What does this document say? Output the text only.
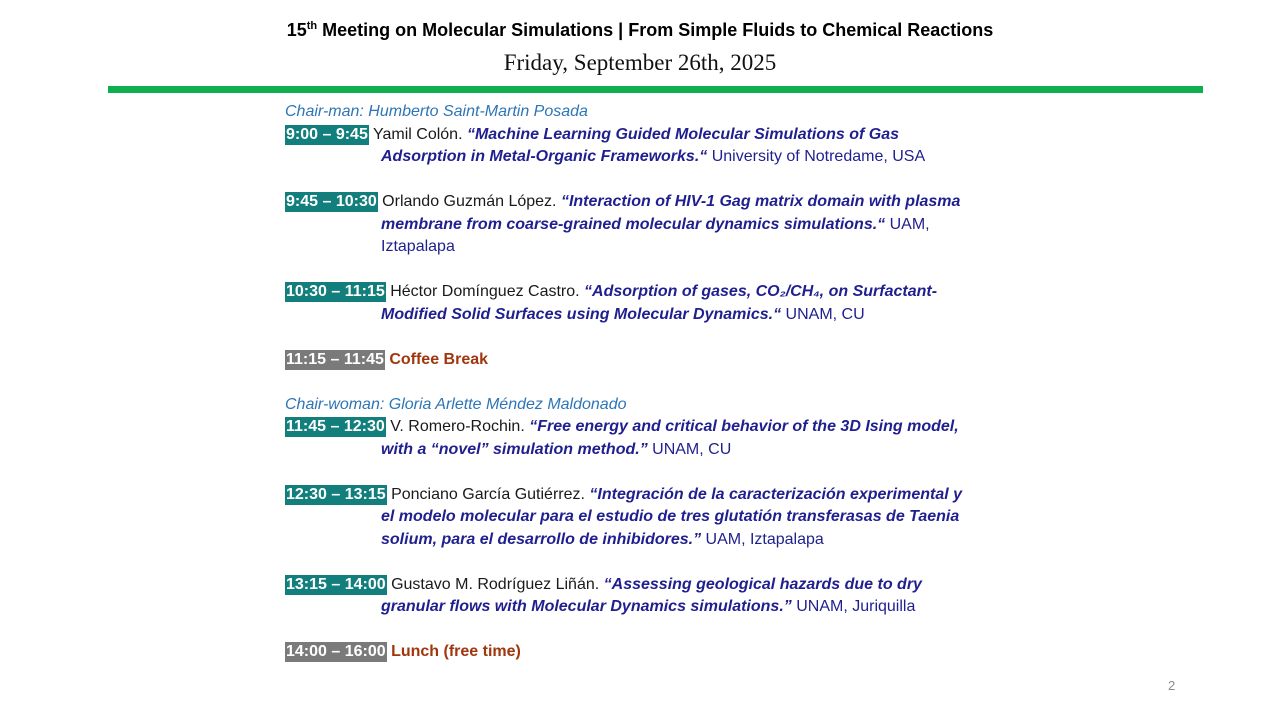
15th Meeting on Molecular Simulations | From Simple Fluids to Chemical Reactions
Friday, September 26th, 2025
Chair-man: Humberto Saint-Martin Posada
9:00 – 9:45 Yamil Colón. “Machine Learning Guided Molecular Simulations of Gas
Adsorption in Metal-Organic Frameworks.“ University of Notredame, USA
9:45 – 10:30 Orlando Guzmán López. “Interaction of HIV-1 Gag matrix domain with plasma
membrane from coarse-grained molecular dynamics simulations.“ UAM,
Iztapalapa
10:30 – 11:15 Héctor Domínguez Castro. “Adsorption of gases, CO₂/CH₄, on Surfactant-
Modified Solid Surfaces using Molecular Dynamics.“ UNAM, CU
11:15 – 11:45 Coffee Break
Chair-woman: Gloria Arlette Méndez Maldonado
11:45 – 12:30 V. Romero-Rochin. “Free energy and critical behavior of the 3D Ising model,
with a “novel” simulation method.” UNAM, CU
12:30 – 13:15 Ponciano García Gutiérrez. “Integración de la caracterización experimental y
el modelo molecular para el estudio de tres glutatión transferasas de Taenia
solium, para el desarrollo de inhibidores.” UAM, Iztapalapa
13:15 – 14:00 Gustavo M. Rodríguez Liñán. “Assessing geological hazards due to dry
granular flows with Molecular Dynamics simulations.” UNAM, Juriquilla
14:00 – 16:00 Lunch (free time)
2
